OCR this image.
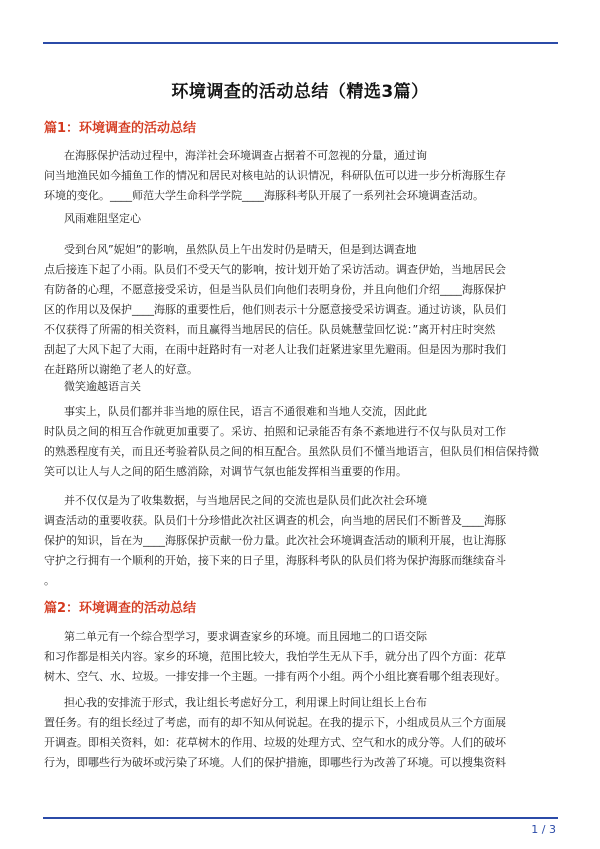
环境调查的活动总结（精选3篇）
篇1：环境调查的活动总结
在海豚保护活动过程中，海洋社会环境调查占据着不可忽视的分量，通过询
问当地渔民如今捕鱼工作的情况和居民对核电站的认识情况，科研队伍可以进一步分析海豚生存
环境的变化。____师范大学生命科学学院____海豚科考队开展了一系列社会环境调查活动。
风雨难阻坚定心
受到台风”妮妲”的影响，虽然队员上午出发时仍是晴天，但是到达调查地
点后接连下起了小雨。队员们不受天气的影响，按计划开始了采访活动。调查伊始，当地居民会
有防备的心理，不愿意接受采访，但是当队员们向他们表明身份，并且向他们介绍____海豚保护
区的作用以及保护____海豚的重要性后，他们则表示十分愿意接受采访调查。通过访谈，队员们
不仅获得了所需的相关资料，而且赢得当地居民的信任。队员姚慧莹回忆说：”离开村庄时突然
刮起了大风下起了大雨，在雨中赶路时有一对老人让我们赶紧进家里先避雨。但是因为那时我们
在赶路所以谢绝了老人的好意。
微笑逾越语言关
事实上，队员们都并非当地的原住民，语言不通很难和当地人交流，因此此
时队员之间的相互合作就更加重要了。采访、拍照和记录能否有条不紊地进行不仅与队员对工作
的熟悉程度有关，而且还考验着队员之间的相互配合。虽然队员们不懂当地语言，但队员们相信保持微
笑可以让人与人之间的陌生感消除，对调节气氛也能发挥相当重要的作用。
并不仅仅是为了收集数据，与当地居民之间的交流也是队员们此次社会环境
调查活动的重要收获。队员们十分珍惜此次社区调查的机会，向当地的居民们不断普及____海豚
保护的知识，旨在为____海豚保护贡献一份力量。此次社会环境调查活动的顺利开展，也让海豚
守护之行拥有一个顺利的开始，接下来的日子里，海豚科考队的队员们将为保护海豚而继续奋斗
。
篇2：环境调查的活动总结
第二单元有一个综合型学习，要求调查家乡的环境。而且园地二的口语交际
和习作都是相关内容。家乡的环境，范围比较大，我怕学生无从下手，就分出了四个方面：花草
树木、空气、水、垃圾。一排安排一个主题。一排有两个小组。两个小组比赛看哪个组表现好。
担心我的安排流于形式，我让组长考虑好分工，利用课上时间让组长上台布
置任务。有的组长经过了考虑，而有的却不知从何说起。在我的提示下，小组成员从三个方面展
开调查。即相关资料，如：花草树木的作用、垃圾的处理方式、空气和水的成分等。人们的破坏
行为，即哪些行为破坏或污染了环境。人们的保护措施，即哪些行为改善了环境。可以搜集资料
1 / 3
